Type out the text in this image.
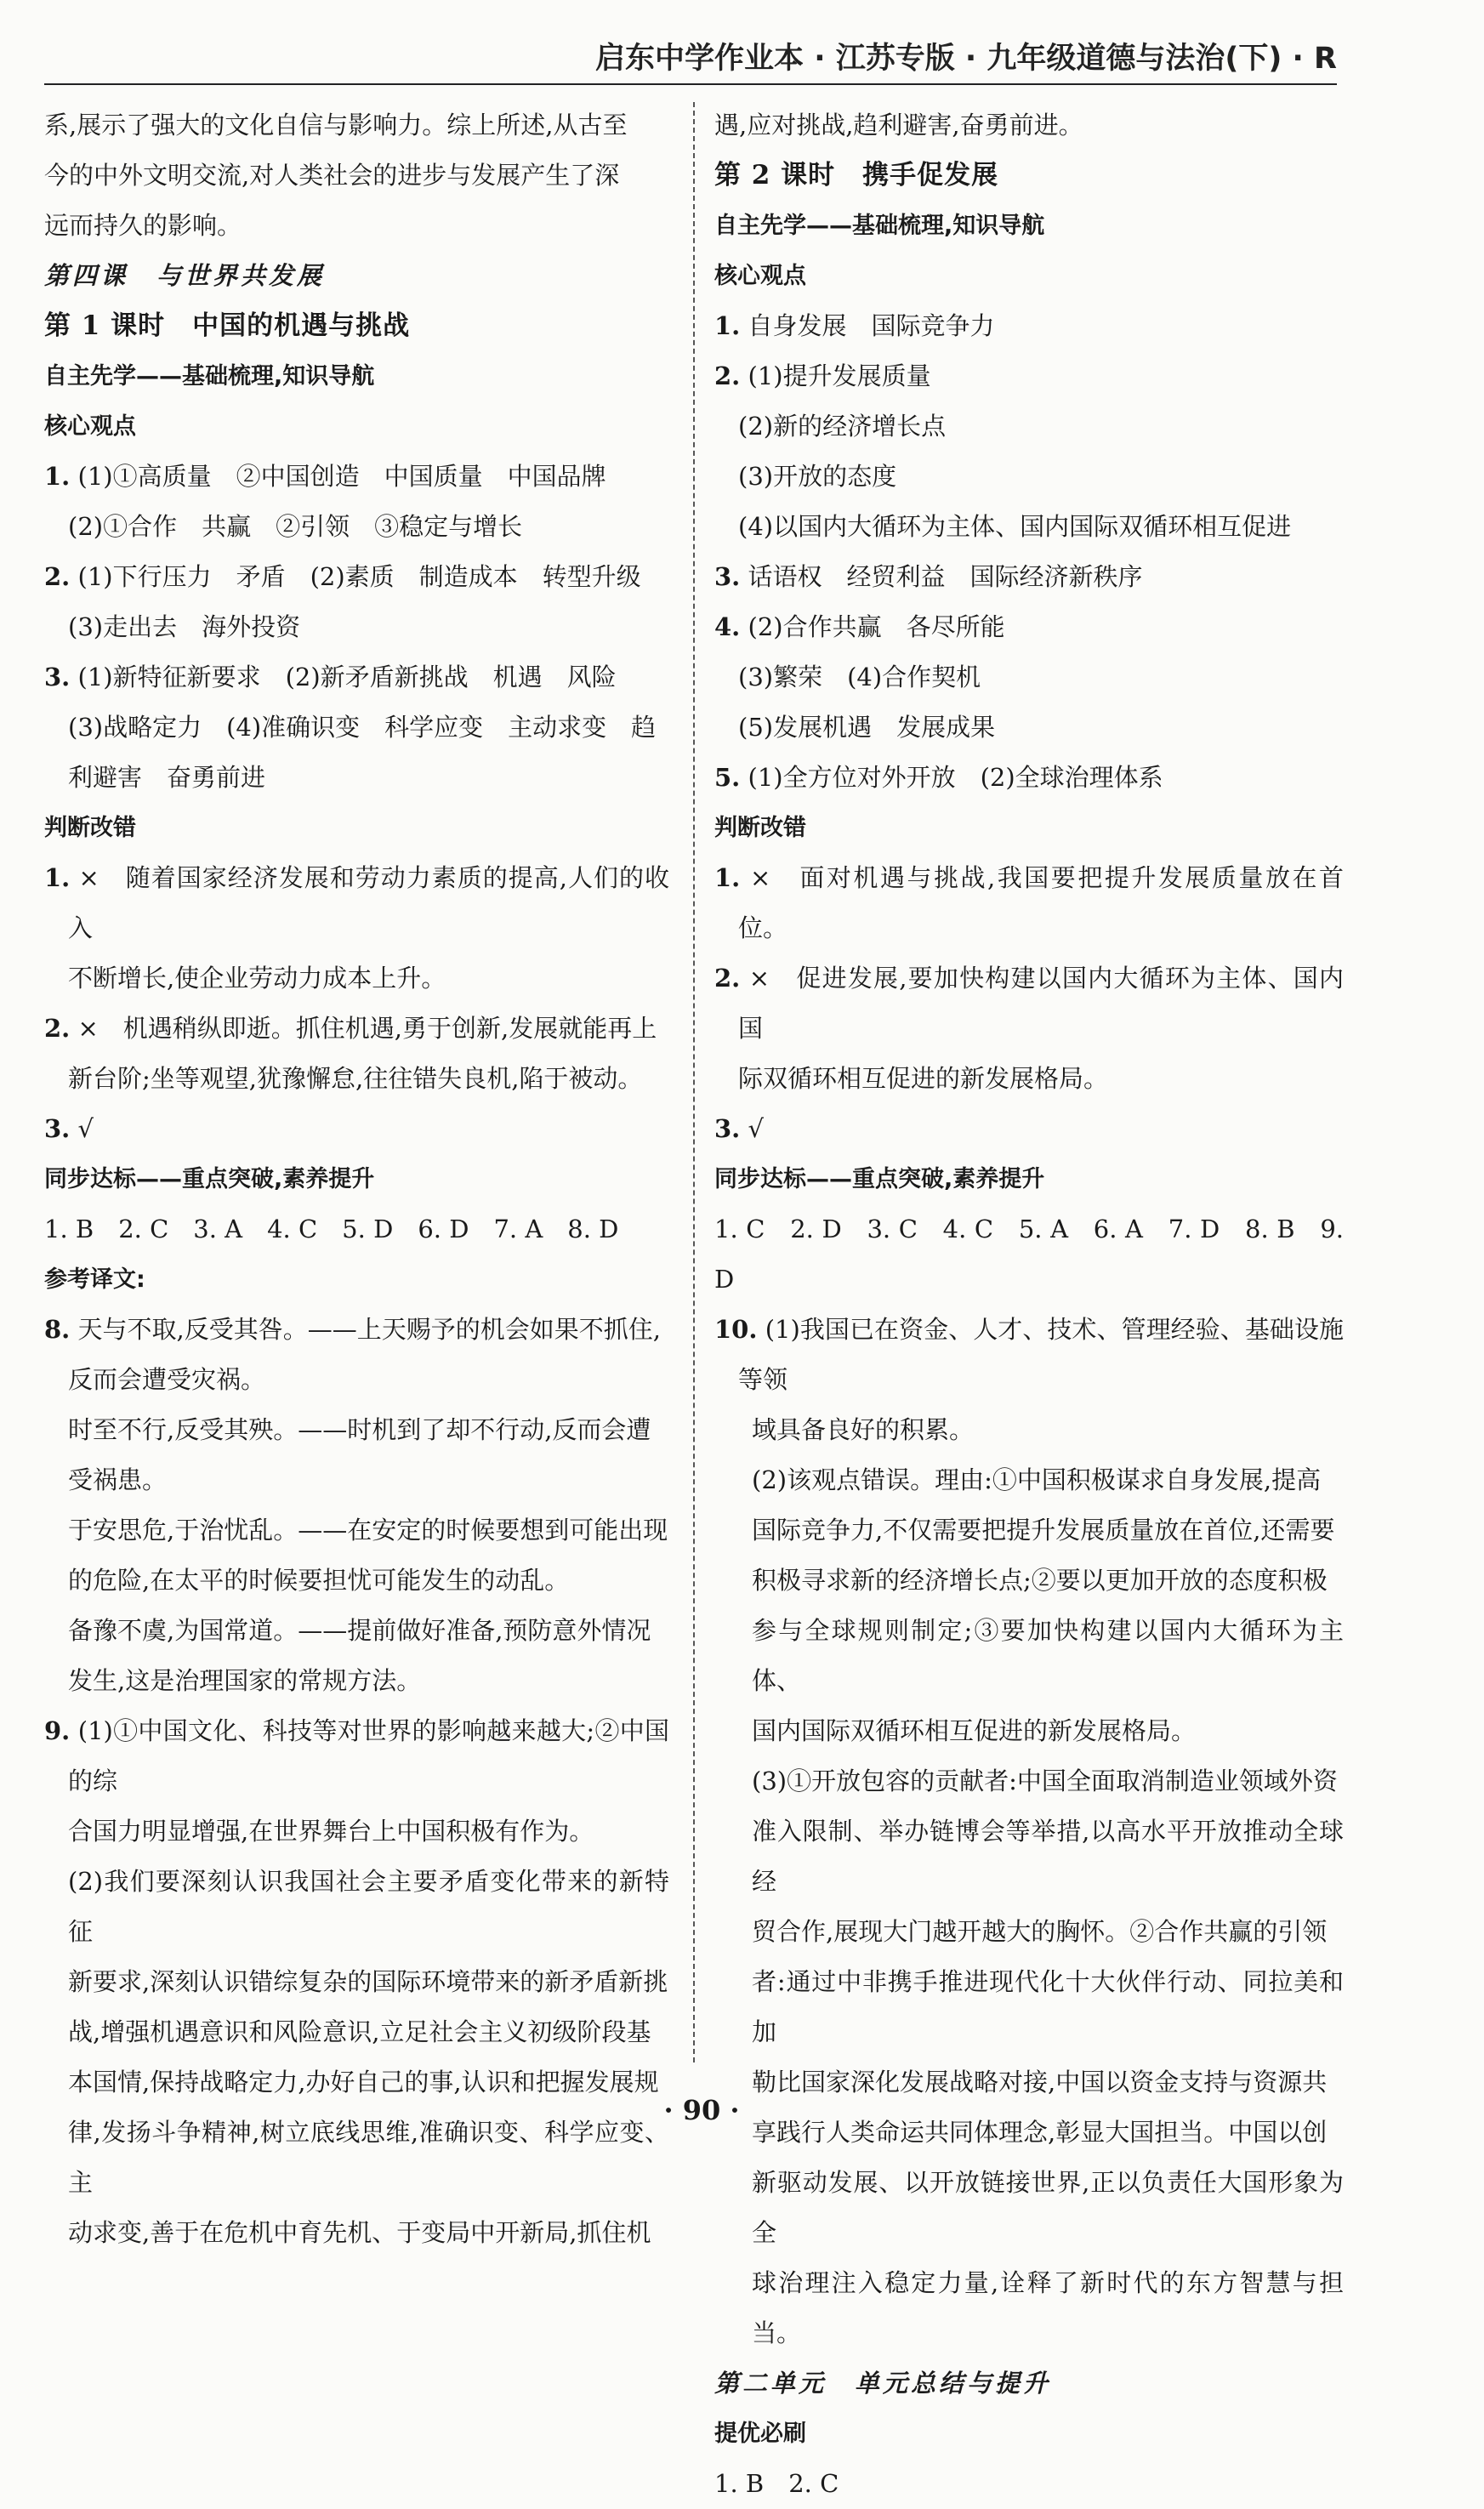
启东中学作业本 · 江苏专版 · 九年级道德与法治(下) · R

系,展示了强大的文化自信与影响力。综上所述,从古至

今的中外文明交流,对人类社会的进步与发展产生了深

远而持久的影响。

第四课　与世界共发展

第 1 课时　中国的机遇与挑战

自主先学——基础梳理,知识导航

核心观点

1. (1)①高质量　②中国创造　中国质量　中国品牌

(2)①合作　共赢　②引领　③稳定与增长

2. (1)下行压力　矛盾　(2)素质　制造成本　转型升级

(3)走出去　海外投资

3. (1)新特征新要求　(2)新矛盾新挑战　机遇　风险

(3)战略定力　(4)准确识变　科学应变　主动求变　趋

利避害　奋勇前进

判断改错

1. ×　随着国家经济发展和劳动力素质的提高,人们的收入

不断增长,使企业劳动力成本上升。

2. ×　机遇稍纵即逝。抓住机遇,勇于创新,发展就能再上

新台阶;坐等观望,犹豫懈怠,往往错失良机,陷于被动。

3. √

同步达标——重点突破,素养提升

1. B　2. C　3. A　4. C　5. D　6. D　7. A　8. D

参考译文:

8. 天与不取,反受其咎。——上天赐予的机会如果不抓住,

反而会遭受灾祸。

时至不行,反受其殃。——时机到了却不行动,反而会遭

受祸患。

于安思危,于治忧乱。——在安定的时候要想到可能出现

的危险,在太平的时候要担忧可能发生的动乱。

备豫不虞,为国常道。——提前做好准备,预防意外情况

发生,这是治理国家的常规方法。

9. (1)①中国文化、科技等对世界的影响越来越大;②中国的综

合国力明显增强,在世界舞台上中国积极有作为。

(2)我们要深刻认识我国社会主要矛盾变化带来的新特征

新要求,深刻认识错综复杂的国际环境带来的新矛盾新挑

战,增强机遇意识和风险意识,立足社会主义初级阶段基

本国情,保持战略定力,办好自己的事,认识和把握发展规

律,发扬斗争精神,树立底线思维,准确识变、科学应变、主

动求变,善于在危机中育先机、于变局中开新局,抓住机

遇,应对挑战,趋利避害,奋勇前进。

第 2 课时　携手促发展

自主先学——基础梳理,知识导航

核心观点

1. 自身发展　国际竞争力

2. (1)提升发展质量

(2)新的经济增长点

(3)开放的态度

(4)以国内大循环为主体、国内国际双循环相互促进

3. 话语权　经贸利益　国际经济新秩序

4. (2)合作共赢　各尽所能

(3)繁荣　(4)合作契机

(5)发展机遇　发展成果

5. (1)全方位对外开放　(2)全球治理体系

判断改错

1. ×　面对机遇与挑战,我国要把提升发展质量放在首位。

2. ×　促进发展,要加快构建以国内大循环为主体、国内国

际双循环相互促进的新发展格局。

3. √

同步达标——重点突破,素养提升

1. C　2. D　3. C　4. C　5. A　6. A　7. D　8. B　9. D

10. (1)我国已在资金、人才、技术、管理经验、基础设施等领

域具备良好的积累。

(2)该观点错误。理由:①中国积极谋求自身发展,提高

国际竞争力,不仅需要把提升发展质量放在首位,还需要

积极寻求新的经济增长点;②要以更加开放的态度积极

参与全球规则制定;③要加快构建以国内大循环为主体、

国内国际双循环相互促进的新发展格局。

(3)①开放包容的贡献者:中国全面取消制造业领域外资

准入限制、举办链博会等举措,以高水平开放推动全球经

贸合作,展现大门越开越大的胸怀。②合作共赢的引领

者:通过中非携手推进现代化十大伙伴行动、同拉美和加

勒比国家深化发展战略对接,中国以资金支持与资源共

享践行人类命运共同体理念,彰显大国担当。中国以创

新驱动发展、以开放链接世界,正以负责任大国形象为全

球治理注入稳定力量,诠释了新时代的东方智慧与担当。

第二单元　单元总结与提升

提优必刷

1. B　2. C

· 90 ·
